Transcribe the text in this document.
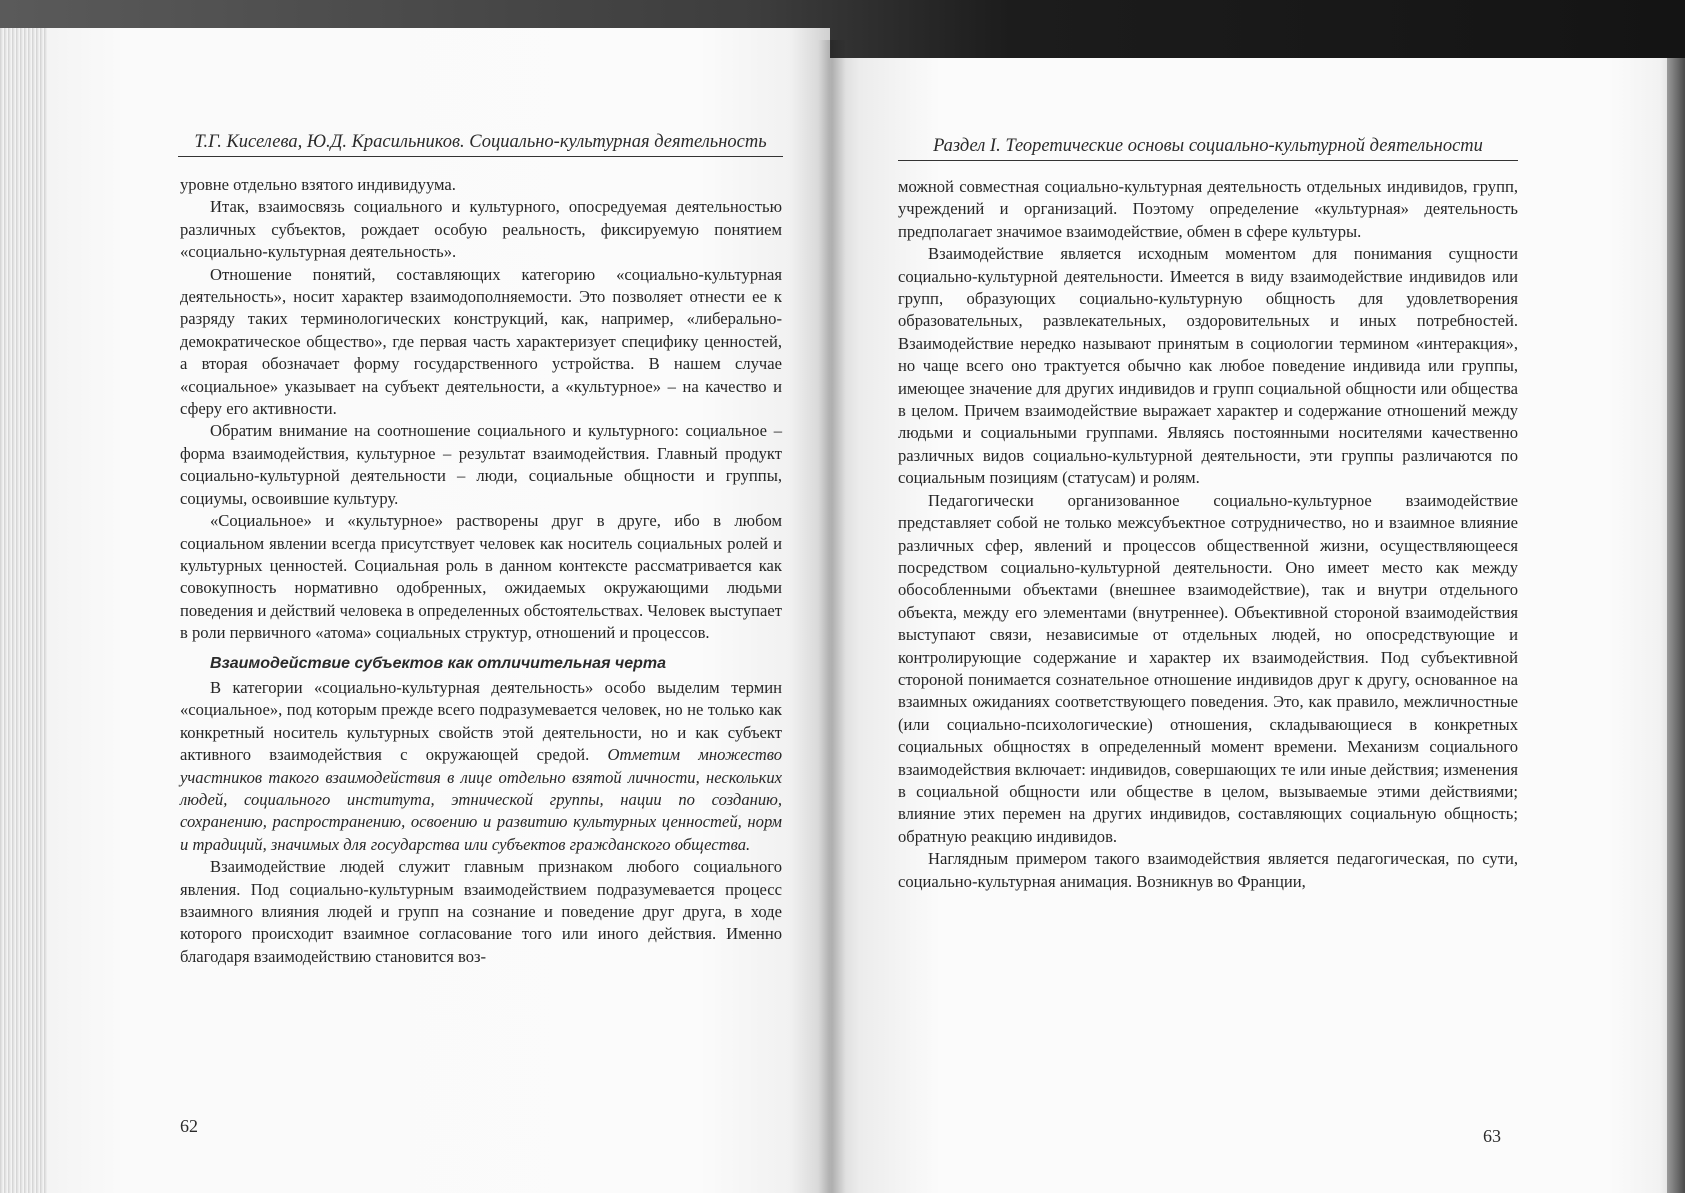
Т.Г. Киселева, Ю.Д. Красильников. Социально-культурная деятельность

уровне отдельно взятого индивидуума.

Итак, взаимосвязь социального и культурного, опосредуемая деятельностью различных субъектов, рождает особую реальность, фиксируемую понятием «социально-культурная деятельность».

Отношение понятий, составляющих категорию «социально-культурная деятельность», носит характер взаимодополняемости. Это позволяет отнести ее к разряду таких терминологических конструкций, как, например, «либерально-демократическое общество», где первая часть характеризует специфику ценностей, а вторая обозначает форму государственного устройства. В нашем случае «социальное» указывает на субъект деятельности, а «культурное» – на качество и сферу его активности.

Обратим внимание на соотношение социального и культурного: социальное – форма взаимодействия, культурное – результат взаимодействия. Главный продукт социально-культурной деятельности – люди, социальные общности и группы, социумы, освоившие культуру.

«Социальное» и «культурное» растворены друг в друге, ибо в любом социальном явлении всегда присутствует человек как носитель социальных ролей и культурных ценностей. Социальная роль в данном контексте рассматривается как совокупность нормативно одобренных, ожидаемых окружающими людьми поведения и действий человека в определенных обстоятельствах. Человек выступает в роли первичного «атома» социальных структур, отношений и процессов.

Взаимодействие субъектов как отличительная черта

В категории «социально-культурная деятельность» особо выделим термин «социальное», под которым прежде всего подразумевается человек, но не только как конкретный носитель культурных свойств этой деятельности, но и как субъект активного взаимодействия с окружающей средой. Отметим множество участников такого взаимодействия в лице отдельно взятой личности, нескольких людей, социального института, этнической группы, нации по созданию, сохранению, распространению, освоению и развитию культурных ценностей, норм и традиций, значимых для государства или субъектов гражданского общества.

Взаимодействие людей служит главным признаком любого социального явления. Под социально-культурным взаимодействием подразумевается процесс взаимного влияния людей и групп на сознание и поведение друг друга, в ходе которого происходит взаимное согласование того или иного действия. Именно благодаря взаимодействию становится воз-

62
Раздел I. Теоретические основы социально-культурной деятельности

можной совместная социально-культурная деятельность отдельных индивидов, групп, учреждений и организаций. Поэтому определение «культурная» деятельность предполагает значимое взаимодействие, обмен в сфере культуры.

Взаимодействие является исходным моментом для понимания сущности социально-культурной деятельности. Имеется в виду взаимодействие индивидов или групп, образующих социально-культурную общность для удовлетворения образовательных, развлекательных, оздоровительных и иных потребностей. Взаимодействие нередко называют принятым в социологии термином «интеракция», но чаще всего оно трактуется обычно как любое поведение индивида или группы, имеющее значение для других индивидов и групп социальной общности или общества в целом. Причем взаимодействие выражает характер и содержание отношений между людьми и социальными группами. Являясь постоянными носителями качественно различных видов социально-культурной деятельности, эти группы различаются по социальным позициям (статусам) и ролям.

Педагогически организованное социально-культурное взаимодействие представляет собой не только межсубъектное сотрудничество, но и взаимное влияние различных сфер, явлений и процессов общественной жизни, осуществляющееся посредством социально-культурной деятельности. Оно имеет место как между обособленными объектами (внешнее взаимодействие), так и внутри отдельного объекта, между его элементами (внутреннее). Объективной стороной взаимодействия выступают связи, независимые от отдельных людей, но опосредствующие и контролирующие содержание и характер их взаимодействия. Под субъективной стороной понимается сознательное отношение индивидов друг к другу, основанное на взаимных ожиданиях соответствующего поведения. Это, как правило, межличностные (или социально-психологические) отношения, складывающиеся в конкретных социальных общностях в определенный момент времени. Механизм социального взаимодействия включает: индивидов, совершающих те или иные действия; изменения в социальной общности или обществе в целом, вызываемые этими действиями; влияние этих перемен на других индивидов, составляющих социальную общность; обратную реакцию индивидов.

Наглядным примером такого взаимодействия является педагогическая, по сути, социально-культурная анимация. Возникнув во Франции,

63
